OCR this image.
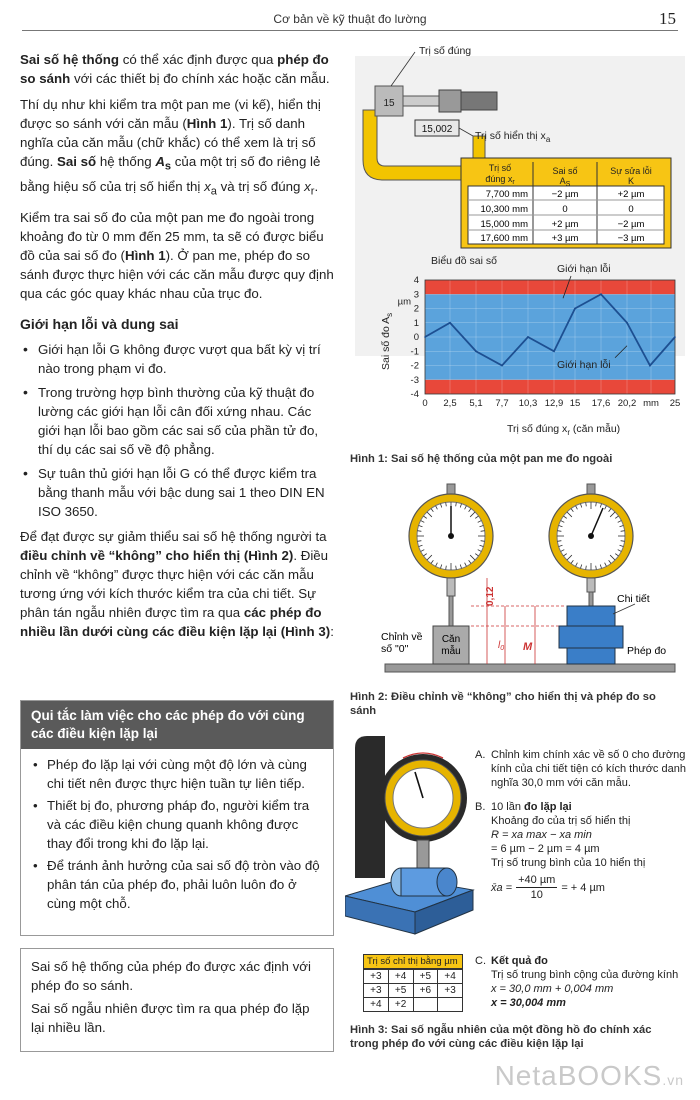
Cơ bản về kỹ thuật đo lường	15

Sai số hệ thống có thể xác định được qua phép đo so sánh với các thiết bị đo chính xác hoặc căn mẫu.

Thí dụ như khi kiểm tra một pan me (vi kế), hiển thị được so sánh với căn mẫu (Hình 1). Trị số danh nghĩa của căn mẫu (chữ khắc) có thể xem là trị số đúng. Sai số hệ thống $A_s$ của một trị số đo riêng lẻ bằng hiệu số của trị số hiển thị $x_a$ và trị số đúng $x_r$.

Kiểm tra sai số đo của một pan me đo ngoài trong khoảng đo từ 0 mm đến 25 mm, ta sẽ có được biểu đồ của sai số đo (Hình 1). Ở pan me, phép đo so sánh được thực hiện với các căn mẫu được quy định qua các góc quay khác nhau của trục đo.

Giới hạn lỗi và dung sai
• Giới hạn lỗi G không được vượt qua bất kỳ vị trí nào trong phạm vi đo.
• Trong trường hợp bình thường của kỹ thuật đo lường các giới hạn lỗi cân đối xứng nhau. Các giới hạn lỗi bao gồm các sai số của phần tử đo, thí dụ các sai số về độ phẳng.
• Sự tuân thủ giới hạn lỗi G có thể được kiểm tra bằng thanh mẫu với bậc dung sai 1 theo DIN EN ISO 3650.

Để đạt được sự giảm thiểu sai số hệ thống người ta điều chỉnh về “không” cho hiển thị (Hình 2). Điều chỉnh về “không” được thực hiện với các căn mẫu tương ứng với kích thước kiểm tra của chi tiết. Sự phân tán ngẫu nhiên được tìm ra qua các phép đo nhiều lần dưới cùng các điều kiện lặp lại (Hình 3):

Qui tắc làm việc cho các phép đo với cùng các điều kiện lặp lại
• Phép đo lặp lại với cùng một độ lớn và cùng chi tiết nên được thực hiện tuần tự liên tiếp.
• Thiết bị đo, phương pháp đo, người kiểm tra và các điều kiện chung quanh không được thay đổi trong khi đo lặp lại.
• Để tránh ảnh hưởng của sai số độ tròn vào độ phân tán của phép đo, phải luôn luôn đo ở cùng một chỗ.

Sai số hệ thống của phép đo được xác định với phép đo so sánh.

Sai số ngẫu nhiên được tìm ra qua phép đo lặp lại nhiều lần.

15
15,002
Trị số đúng
Trị số hiển thị $x_a$
Trị số
đúng $x_r$
Sai số
$A_S$
Sự sửa lỗi
K
7,700 mm −2 µm	+2 µm
10,300 mm	0	0
15,000 mm +2 µm	−2 µm
17,600 mm +3 µm	−3 µm
Biểu đồ sai số
-4
-3
-2
-1
0
1
2
3
4
µm
0 2,5 5,1 7,7 10,3 12,9 15 17,6 20,2 mm 25
Giới hạn lỗi
Giới hạn lỗi
Trị số đúng $x_r$ (căn mẫu)
Sai số đo $A_s$
Hình 1: Sai số hệ thống của một pan me đo ngoài
Căn
mẫu
Chỉnh về
số "0"
0,12
$l_0$ M
Chi tiết
Phép đo
Hình 2: Điều chỉnh về “không” cho hiển thị và phép đo so sánh
A. Chỉnh kim chính xác về số 0 cho đường kính của chi tiết tiện có kích thước danh nghĩa 30,0 mm với căn mẫu.
B. 10 lần đo lặp lại
Khoảng đo của trị số hiển thị
R = xa max − xa min
= 6 µm − 2 µm = 4 µm
Trị số trung bình của 10 hiển thị
x̄a =
+40 µm
10
= + 4 µm
Trị số chỉ thị bằng µm
+3	+4	+5	+4
+3	+5	+6	+3
+4	+2
C. Kết quả đo
Trị số trung bình cộng của đường kính
x = 30,0 mm + 0,004 mm
x = 30,004 mm
Hình 3: Sai số ngẫu nhiên của một đồng hồ đo chính xác trong phép đo với cùng các điều kiện lặp lại
NetaBOOKS.vn
